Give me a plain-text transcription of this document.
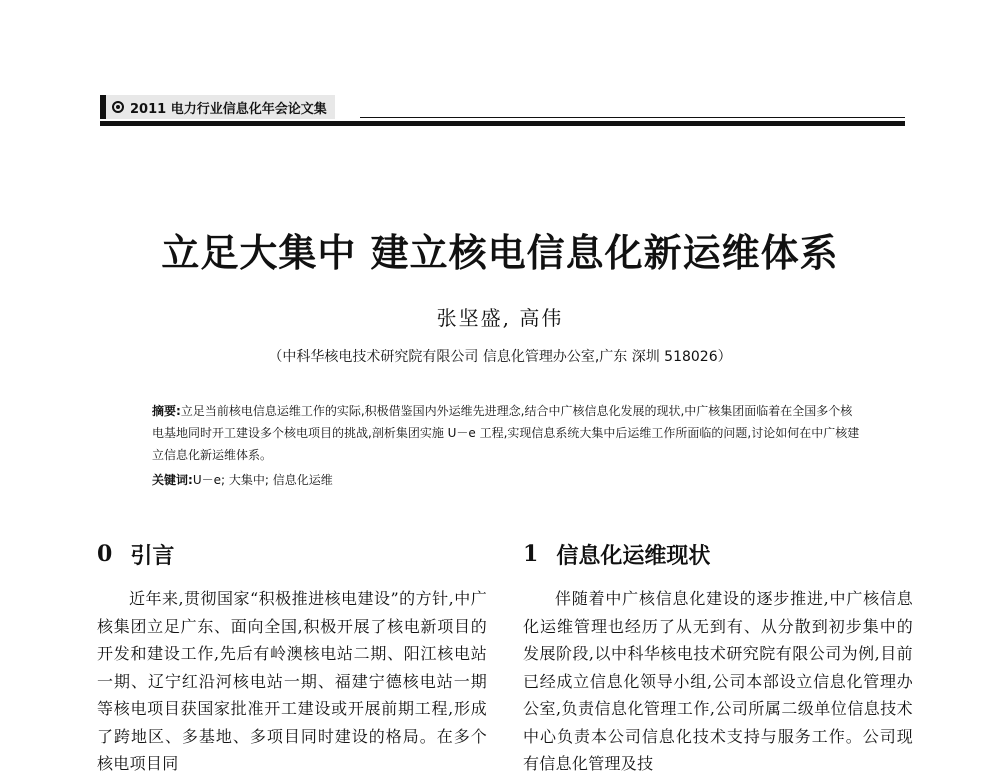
2011 电力行业信息化年会论文集
立足大集中 建立核电信息化新运维体系
张坚盛, 高伟
（中科华核电技术研究院有限公司 信息化管理办公室,广东 深圳 518026）
摘要:立足当前核电信息运维工作的实际,积极借鉴国内外运维先进理念,结合中广核信息化发展的现状,中广核集团面临着在全国多个核电基地同时开工建设多个核电项目的挑战,剖析集团实施 U－e 工程,实现信息系统大集中后运维工作所面临的问题,讨论如何在中广核建立信息化新运维体系。
关键词:U－e; 大集中; 信息化运维
0 引言
近年来,贯彻国家“积极推进核电建设”的方针,中广核集团立足广东、面向全国,积极开展了核电新项目的开发和建设工作,先后有岭澳核电站二期、阳江核电站一期、辽宁红沿河核电站一期、福建宁德核电站一期等核电项目获国家批准开工建设或开展前期工程,形成了跨地区、多基地、多项目同时建设的格局。在多个核电项目同
1 信息化运维现状
伴随着中广核信息化建设的逐步推进,中广核信息化运维管理也经历了从无到有、从分散到初步集中的发展阶段,以中科华核电技术研究院有限公司为例,目前已经成立信息化领导小组,公司本部设立信息化管理办公室,负责信息化管理工作,公司所属二级单位信息技术中心负责本公司信息化技术支持与服务工作。公司现有信息化管理及技
